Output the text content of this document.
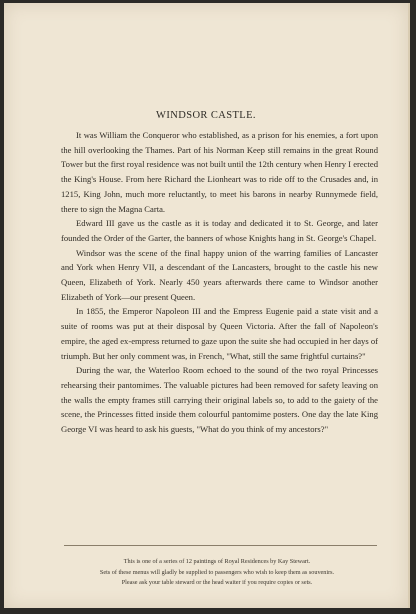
WINDSOR CASTLE.

It was William the Conqueror who established, as a prison for his enemies, a fort upon the hill overlooking the Thames. Part of his Norman Keep still remains in the great Round Tower but the first royal residence was not built until the 12th century when Henry I erected the King's House. From here Richard the Lionheart was to ride off to the Crusades and, in 1215, King John, much more reluctantly, to meet his barons in nearby Runnymede field, there to sign the Magna Carta.

Edward III gave us the castle as it is today and dedicated it to St. George, and later founded the Order of the Garter, the banners of whose Knights hang in St. George's Chapel.

Windsor was the scene of the final happy union of the warring families of Lancaster and York when Henry VII, a descendant of the Lancasters, brought to the castle his new Queen, Elizabeth of York. Nearly 450 years afterwards there came to Windsor another Elizabeth of York—our present Queen.

In 1855, the Emperor Napoleon III and the Empress Eugenie paid a state visit and a suite of rooms was put at their disposal by Queen Victoria. After the fall of Napoleon's empire, the aged ex-empress returned to gaze upon the suite she had occupied in her days of triumph. But her only comment was, in French, "What, still the same frightful curtains?"

During the war, the Waterloo Room echoed to the sound of the two royal Princesses rehearsing their pantomimes. The valuable pictures had been removed for safety leaving on the walls the empty frames still carrying their original labels so, to add to the gaiety of the scene, the Princesses fitted inside them colourful pantomime posters. One day the late King George VI was heard to ask his guests, "What do you think of my ancestors?"

This is one of a series of 12 paintings of Royal Residences by Kay Stewart.
Sets of these menus will gladly be supplied to passengers who wish to keep them as souvenirs.
Please ask your table steward or the head waiter if you require copies or sets.
